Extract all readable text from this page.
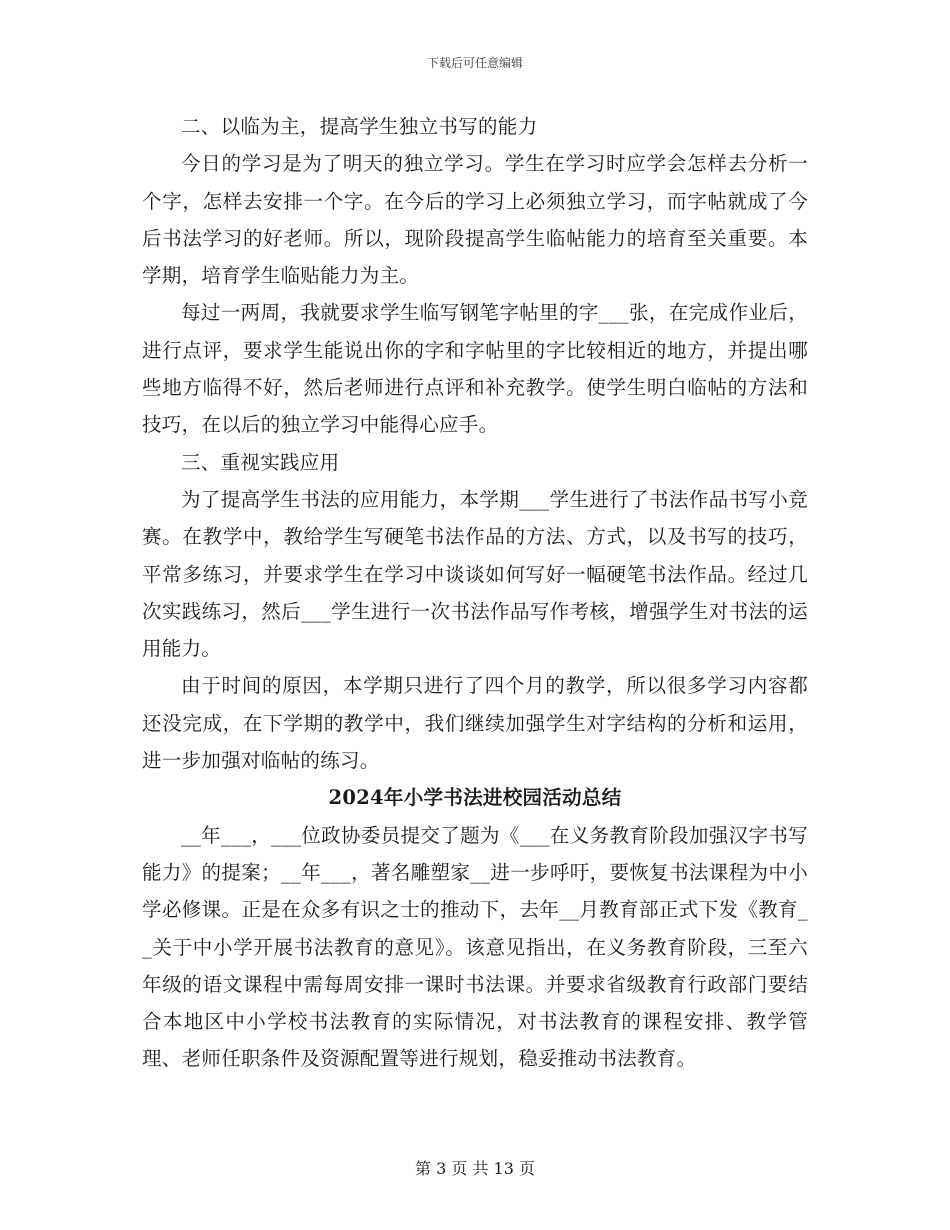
下载后可任意编辑

二、以临为主，提高学生独立书写的能力

今日的学习是为了明天的独立学习。学生在学习时应学会怎样去分析一个字，怎样去安排一个字。在今后的学习上必须独立学习，而字帖就成了今后书法学习的好老师。所以，现阶段提高学生临帖能力的培育至关重要。本学期，培育学生临贴能力为主。

每过一两周，我就要求学生临写钢笔字帖里的字___张，在完成作业后，进行点评，要求学生能说出你的字和字帖里的字比较相近的地方，并提出哪些地方临得不好，然后老师进行点评和补充教学。使学生明白临帖的方法和技巧，在以后的独立学习中能得心应手。

三、重视实践应用

为了提高学生书法的应用能力，本学期___学生进行了书法作品书写小竞赛。在教学中，教给学生写硬笔书法作品的方法、方式，以及书写的技巧，平常多练习，并要求学生在学习中谈谈如何写好一幅硬笔书法作品。经过几次实践练习，然后___学生进行一次书法作品写作考核，增强学生对书法的运用能力。

由于时间的原因，本学期只进行了四个月的教学，所以很多学习内容都还没完成，在下学期的教学中，我们继续加强学生对字结构的分析和运用，进一步加强对临帖的练习。

2024年小学书法进校园活动总结

__年___，___位政协委员提交了题为《___在义务教育阶段加强汉字书写能力》的提案；__年___，著名雕塑家__进一步呼吁，要恢复书法课程为中小学必修课。正是在众多有识之士的推动下，去年__月教育部正式下发《教育__关于中小学开展书法教育的意见》。该意见指出，在义务教育阶段，三至六年级的语文课程中需每周安排一课时书法课。并要求省级教育行政部门要结合本地区中小学校书法教育的实际情况，对书法教育的课程安排、教学管理、老师任职条件及资源配置等进行规划，稳妥推动书法教育。

第 3 页 共 13 页
